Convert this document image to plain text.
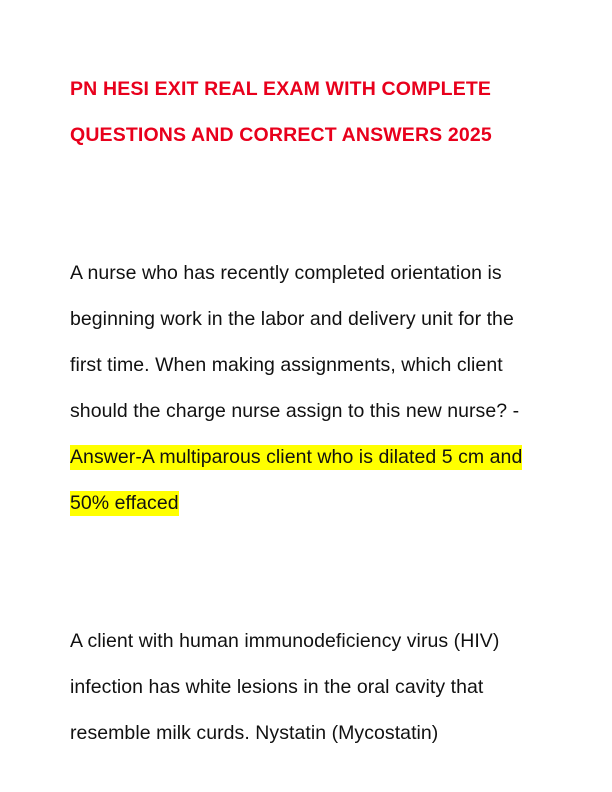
PN HESI EXIT REAL EXAM WITH COMPLETE
QUESTIONS AND CORRECT ANSWERS 2025

A nurse who has recently completed orientation is
beginning work in the labor and delivery unit for the
first time. When making assignments, which client
should the charge nurse assign to this new nurse? -
Answer-A multiparous client who is dilated 5 cm and
50% effaced

A client with human immunodeficiency virus (HIV)
infection has white lesions in the oral cavity that
resemble milk curds. Nystatin (Mycostatin)
